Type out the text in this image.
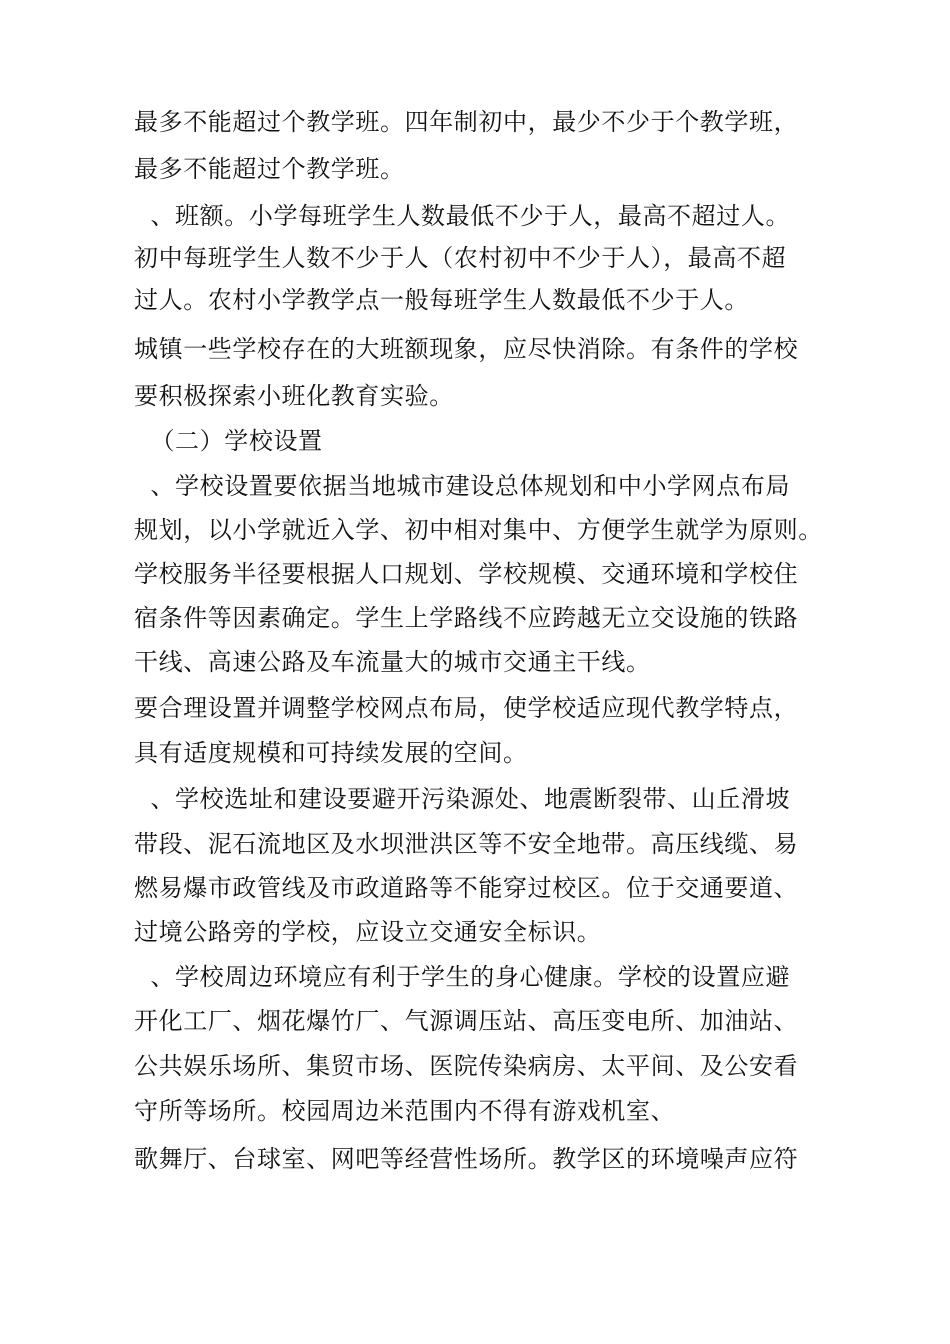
最多不能超过个教学班。四年制初中，最少不少于个教学班，
最多不能超过个教学班。
、班额。小学每班学生人数最低不少于人，最高不超过人。
初中每班学生人数不少于人（农村初中不少于人），最高不超
过人。农村小学教学点一般每班学生人数最低不少于人。
城镇一些学校存在的大班额现象，应尽快消除。有条件的学校
要积极探索小班化教育实验。
（二）学校设置
、学校设置要依据当地城市建设总体规划和中小学网点布局
规划，以小学就近入学、初中相对集中、方便学生就学为原则。
学校服务半径要根据人口规划、学校规模、交通环境和学校住
宿条件等因素确定。学生上学路线不应跨越无立交设施的铁路
干线、高速公路及车流量大的城市交通主干线。
要合理设置并调整学校网点布局，使学校适应现代教学特点，
具有适度规模和可持续发展的空间。
、学校选址和建设要避开污染源处、地震断裂带、山丘滑坡
带段、泥石流地区及水坝泄洪区等不安全地带。高压线缆、易
燃易爆市政管线及市政道路等不能穿过校区。位于交通要道、
过境公路旁的学校，应设立交通安全标识。
、学校周边环境应有利于学生的身心健康。学校的设置应避
开化工厂、烟花爆竹厂、气源调压站、高压变电所、加油站、
公共娱乐场所、集贸市场、医院传染病房、太平间、及公安看
守所等场所。校园周边米范围内不得有游戏机室、
歌舞厅、台球室、网吧等经营性场所。教学区的环境噪声应符
